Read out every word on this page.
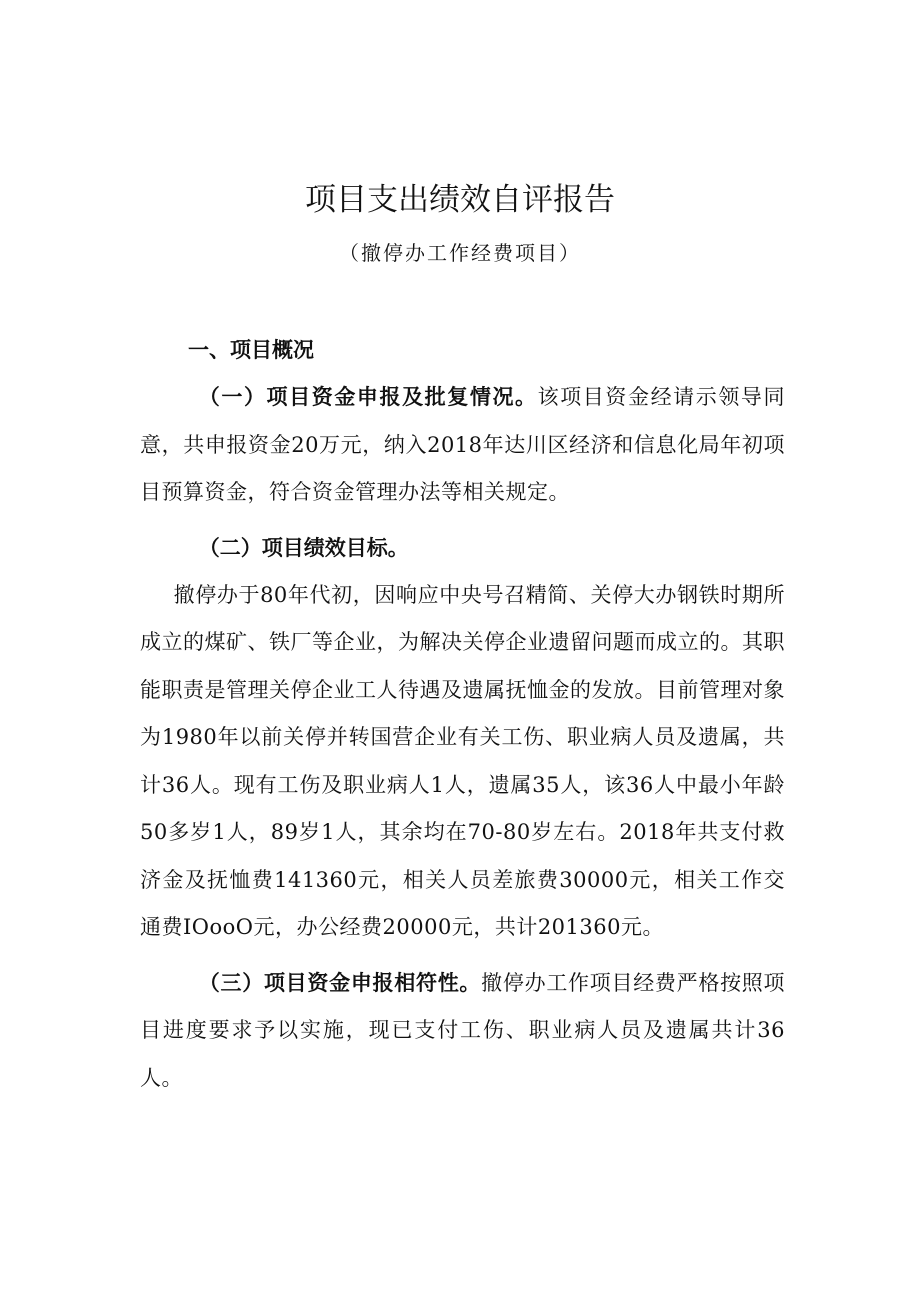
项目支出绩效自评报告

（撤停办工作经费项目）

一、项目概况

（一）项目资金申报及批复情况。该项目资金经请示领导同意，共申报资金20万元，纳入2018年达川区经济和信息化局年初项目预算资金，符合资金管理办法等相关规定。

（二）项目绩效目标。

撤停办于80年代初，因响应中央号召精简、关停大办钢铁时期所成立的煤矿、铁厂等企业，为解决关停企业遗留问题而成立的。其职能职责是管理关停企业工人待遇及遗属抚恤金的发放。目前管理对象为1980年以前关停并转国营企业有关工伤、职业病人员及遗属，共计36人。现有工伤及职业病人1人，遗属35人，该36人中最小年龄50多岁1人，89岁1人，其余均在70-80岁左右。2018年共支付救济金及抚恤费141360元，相关人员差旅费30000元，相关工作交通费IOooO元，办公经费20000元，共计201360元。

（三）项目资金申报相符性。撤停办工作项目经费严格按照项目进度要求予以实施，现已支付工伤、职业病人员及遗属共计36人。
